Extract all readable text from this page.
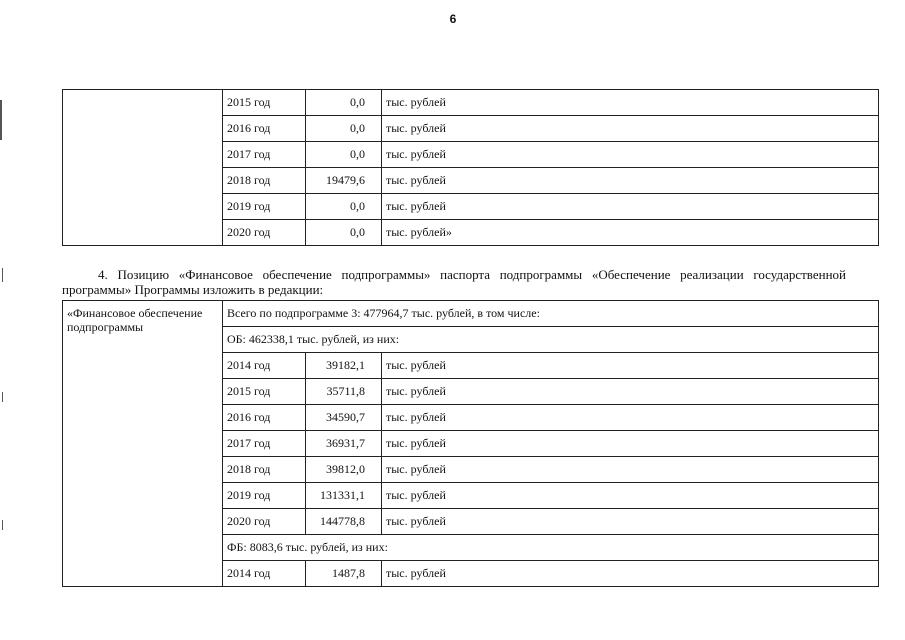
6
	2015 год	0,0	тыс. рублей
	2016 год	0,0	тыс. рублей
	2017 год	0,0	тыс. рублей
	2018 год	19479,6	тыс. рублей
	2019 год	0,0	тыс. рублей
	2020 год	0,0	тыс. рублей»
4. Позицию «Финансовое обеспечение подпрограммы» паспорта подпрограммы «Обеспечение реализации государственной программы» Программы изложить в редакции:
«Финансовое обеспечение подпрограммы	Всего по подпрограмме 3: 477964,7 тыс. рублей, в том числе:		
	ОБ: 462338,1 тыс. рублей, из них:		
	2014 год	39182,1	тыс. рублей
	2015 год	35711,8	тыс. рублей
	2016 год	34590,7	тыс. рублей
	2017 год	36931,7	тыс. рублей
	2018 год	39812,0	тыс. рублей
	2019 год	131331,1	тыс. рублей
	2020 год	144778,8	тыс. рублей
	ФБ: 8083,6 тыс. рублей, из них:		
	2014 год	1487,8	тыс. рублей
